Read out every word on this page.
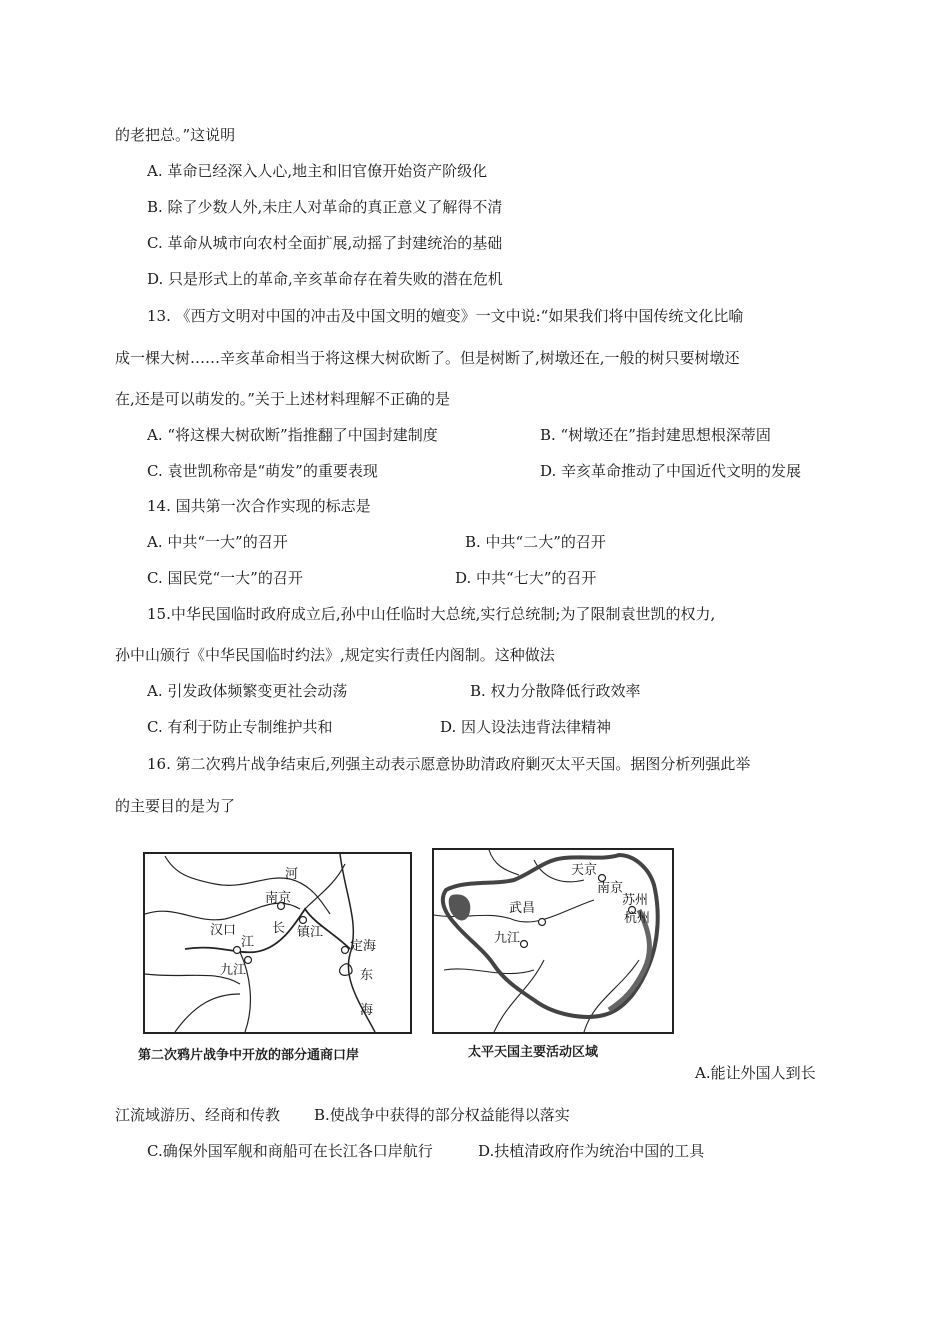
的老把总。”这说明
A. 革命已经深入人心,地主和旧官僚开始资产阶级化
B. 除了少数人外,未庄人对革命的真正意义了解得不清
C. 革命从城市向农村全面扩展,动摇了封建统治的基础
D. 只是形式上的革命,辛亥革命存在着失败的潜在危机
13. 《西方文明对中国的冲击及中国文明的嬗变》一文中说:“如果我们将中国传统文化比喻
成一棵大树……辛亥革命相当于将这棵大树砍断了。但是树断了,树墩还在,一般的树只要树墩还
在,还是可以萌发的。”关于上述材料理解不正确的是
A. “将这棵大树砍断”指推翻了中国封建制度	B. “树墩还在”指封建思想根深蒂固
C. 袁世凯称帝是“萌发”的重要表现	D. 辛亥革命推动了中国近代文明的发展
14. 国共第一次合作实现的标志是
A. 中共“一大”的召开	B. 中共“二大”的召开
C. 国民党“一大”的召开	D. 中共“七大”的召开
15.中华民国临时政府成立后,孙中山任临时大总统,实行总统制;为了限制袁世凯的权力,
孙中山颁行《中华民国临时约法》,规定实行责任内阁制。这种做法
A. 引发政体频繁变更社会动荡	B. 权力分散降低行政效率
C. 有利于防止专制维护共和	D. 因人设法违背法律精神
16. 第二次鸦片战争结束后,列强主动表示愿意协助清政府剿灭太平天国。据图分析列强此举
的主要目的是为了
河
南京
长 镇江
汉口
江
九江
定海
东
海
第二次鸦片战争中开放的部分通商口岸
天京
南京
苏州
杭州
武昌
九江
太平天国主要活动区域
A.能让外国人到长
江流域游历、经商和传教 B.使战争中获得的部分权益能得以落实
C.确保外国军舰和商船可在长江各口岸航行	D.扶植清政府作为统治中国的工具
